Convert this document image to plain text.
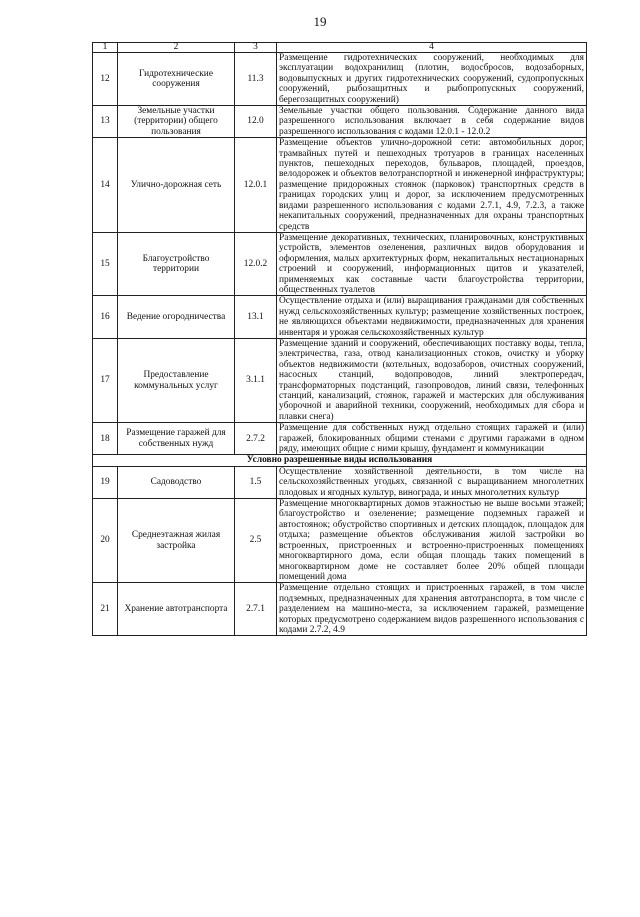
19
1	2	3	4
12	Гидротехнические сооружения	11.3	Размещение гидротехнических сооружений, необходимых для эксплуатации водохранилищ (плотин, водосбросов, водозаборных, водовыпускных и других гидротехнических сооружений, судопропускных сооружений, рыбозащитных и рыбопропускных сооружений, берегозащитных сооружений)
13	Земельные участки (территории) общего пользования	12.0	Земельные участки общего пользования. Содержание данного вида разрешенного использования включает в себя содержание видов разрешенного использования с кодами 12.0.1 - 12.0.2
14	Улично-дорожная сеть	12.0.1	Размещение объектов улично-дорожной сети: автомобильных дорог, трамвайных путей и пешеходных тротуаров в границах населенных пунктов, пешеходных переходов, бульваров, площадей, проездов, велодорожек и объектов велотранспортной и инженерной инфраструктуры; размещение придорожных стоянок (парковок) транспортных средств в границах городских улиц и дорог, за исключением предусмотренных видами разрешенного использования с кодами 2.7.1, 4.9, 7.2.3, а также некапитальных сооружений, предназначенных для охраны транспортных средств
15	Благоустройство территории	12.0.2	Размещение декоративных, технических, планировочных, конструктивных устройств, элементов озеленения, различных видов оборудования и оформления, малых архитектурных форм, некапитальных нестационарных строений и сооружений, информационных щитов и указателей, применяемых как составные части благоустройства территории, общественных туалетов
16	Ведение огородничества	13.1	Осуществление отдыха и (или) выращивания гражданами для собственных нужд сельскохозяйственных культур; размещение хозяйственных построек, не являющихся объектами недвижимости, предназначенных для хранения инвентаря и урожая сельскохозяйственных культур
17	Предоставление коммунальных услуг	3.1.1	Размещение зданий и сооружений, обеспечивающих поставку воды, тепла, электричества, газа, отвод канализационных стоков, очистку и уборку объектов недвижимости (котельных, водозаборов, очистных сооружений, насосных станций, водопроводов, линий электропередач, трансформаторных подстанций, газопроводов, линий связи, телефонных станций, канализаций, стоянок, гаражей и мастерских для обслуживания уборочной и аварийной техники, сооружений, необходимых для сбора и плавки снега)
18	Размещение гаражей для собственных нужд	2.7.2	Размещение для собственных нужд отдельно стоящих гаражей и (или) гаражей, блокированных общими стенами с другими гаражами в одном ряду, имеющих общие с ними крышу, фундамент и коммуникации
Условно разрешенные виды использования			
19	Садоводство	1.5	Осуществление хозяйственной деятельности, в том числе на сельскохозяйственных угодьях, связанной с выращиванием многолетних плодовых и ягодных культур, винограда, и иных многолетних культур
20	Среднеэтажная жилая застройка	2.5	Размещение многоквартирных домов этажностью не выше восьми этажей; благоустройство и озеленение; размещение подземных гаражей и автостоянок; обустройство спортивных и детских площадок, площадок для отдыха; размещение объектов обслуживания жилой застройки во встроенных, пристроенных и встроенно-пристроенных помещениях многоквартирного дома, если общая площадь таких помещений в многоквартирном доме не составляет более 20% общей площади помещений дома
21	Хранение автотранспорта	2.7.1	Размещение отдельно стоящих и пристроенных гаражей, в том числе подземных, предназначенных для хранения автотранспорта, в том числе с разделением на машино-места, за исключением гаражей, размещение которых предусмотрено содержанием видов разрешенного использования с кодами 2.7.2, 4.9
